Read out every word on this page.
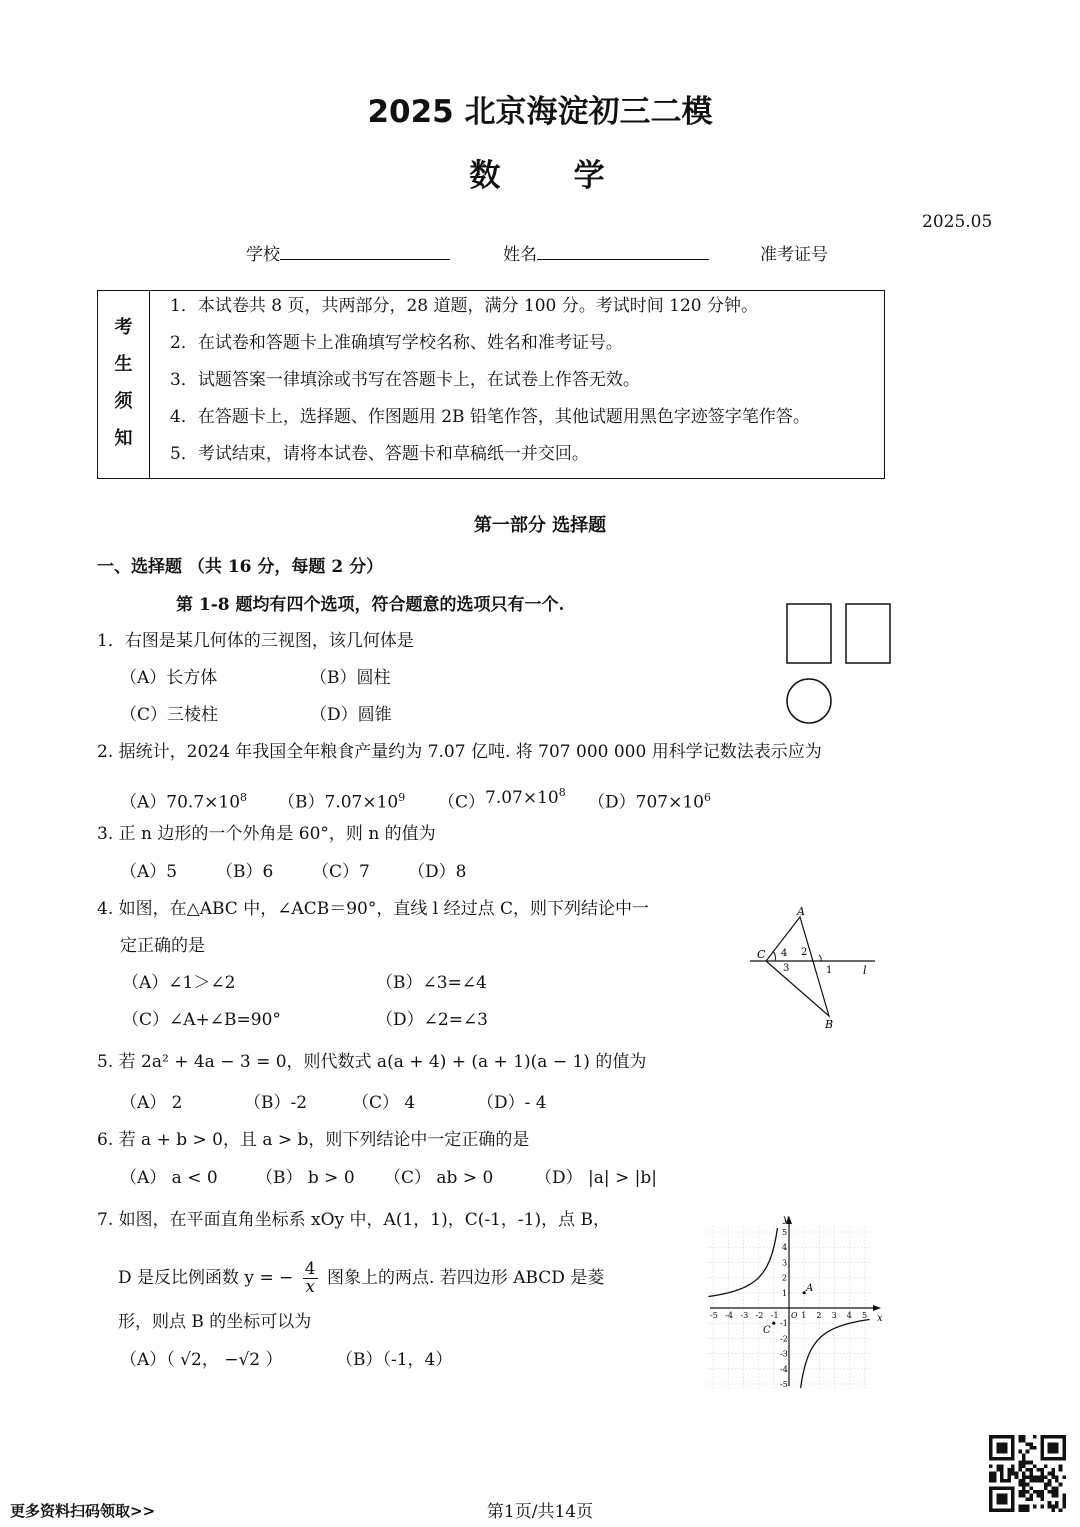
2025 北京海淀初三二模
数    学
2025.05
学校	姓名	准考证号
考
生
须
知
1．本试卷共 8 页，共两部分，28 道题，满分 100 分。考试时间 120 分钟。
2．在试卷和答题卡上准确填写学校名称、姓名和准考证号。
3．试题答案一律填涂或书写在答题卡上，在试卷上作答无效。
4．在答题卡上，选择题、作图题用 2B 铅笔作答，其他试题用黑色字迹签字笔作答。
5．考试结束，请将本试卷、答题卡和草稿纸一并交回。
第一部分 选择题
一、选择题 （共 16 分，每题 2 分）
第 1-8 题均有四个选项，符合题意的选项只有一个.
1．右图是某几何体的三视图，该几何体是
（A）长方体	（B）圆柱
（C）三棱柱	（D）圆锥
2. 据统计，2024 年我国全年粮食产量约为 7.07 亿吨. 将 707 000 000 用科学记数法表示应为
$(A)70.7\times 10^8$ $(B)7.07\times 10^9$ $(C)7.07\times 10^8$
$(D)707\times 10^6$
3. 正 n 边形的一个外角是 60°，则 n 的值为
（A）5 （B）6 （C）7 （D）8
4. 如图，在△ABC 中，∠ACB＝90°，直线 l 经过点 C，则下列结论中一
定正确的是
（A）∠1＞∠2	（B）∠3=∠4
（C）∠A+∠B=90°	（D）∠2=∠3
A
C
B
l
4 2
3	1
5. 若 2a² + 4a − 3 = 0，则代数式 a(a + 4) + (a + 1)(a − 1) 的值为
（A） 2	（B）-2	（C） 4	（D）- 4
6. 若 a + b > 0，且 a > b，则下列结论中一定正确的是
（A） a < 0 （B） b > 0 （C） ab > 0 （D） |a| > |b|
7. 如图，在平面直角坐标系 xOy 中，A(1，1)，C(-1，-1)，点 B，
D 是反比例函数 y = − $\frac{4}{x}$ 图象上的两点. 若四边形 ABCD 是菱
形，则点 B 的坐标可以为
（A）（ √2， −√2 ）	（B）（-1，4）
-5 -4 -3 -2 -1	1 2 3 4 5
5
4
3
2
1
-1
-2
-3
-4
-5
x
y
O
A
C
更多资料扫码领取>>	第1页/共14页
